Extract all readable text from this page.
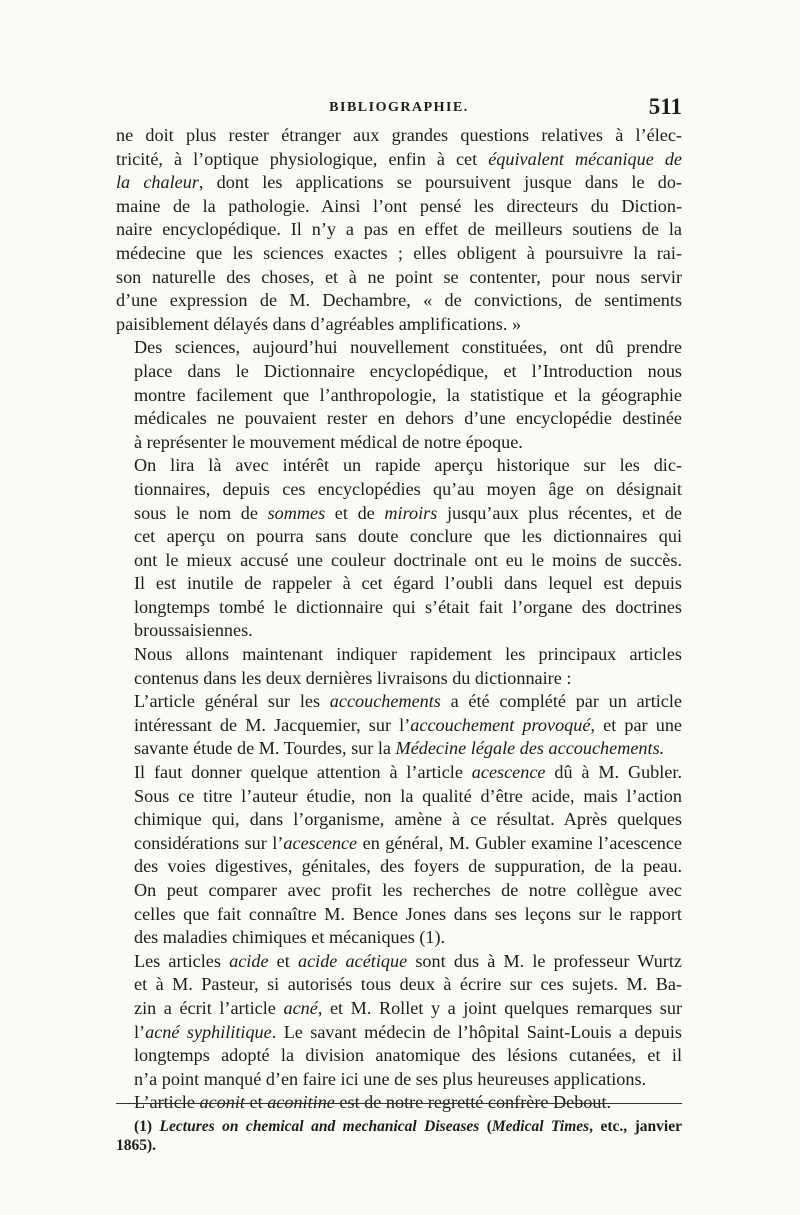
BIBLIOGRAPHIE.	511

ne doit plus rester étranger aux grandes questions relatives à l’élec-
tricité, à l’optique physiologique, enfin à cet équivalent mécanique de
la chaleur, dont les applications se poursuivent jusque dans le do-
maine de la pathologie. Ainsi l’ont pensé les directeurs du Diction-
naire encyclopédique. Il n’y a pas en effet de meilleurs soutiens de la
médecine que les sciences exactes ; elles obligent à poursuivre la rai-
son naturelle des choses, et à ne point se contenter, pour nous servir
d’une expression de M. Dechambre, « de convictions, de sentiments
paisiblement délayés dans d’agréables amplifications. »

Des sciences, aujourd’hui nouvellement constituées, ont dû prendre
place dans le Dictionnaire encyclopédique, et l’Introduction nous
montre facilement que l’anthropologie, la statistique et la géographie
médicales ne pouvaient rester en dehors d’une encyclopédie destinée
à représenter le mouvement médical de notre époque.

On lira là avec intérêt un rapide aperçu historique sur les dic-
tionnaires, depuis ces encyclopédies qu’au moyen âge on désignait
sous le nom de sommes et de miroirs jusqu’aux plus récentes, et de
cet aperçu on pourra sans doute conclure que les dictionnaires qui
ont le mieux accusé une couleur doctrinale ont eu le moins de succès.
Il est inutile de rappeler à cet égard l’oubli dans lequel est depuis
longtemps tombé le dictionnaire qui s’était fait l’organe des doctrines
broussaisiennes.

Nous allons maintenant indiquer rapidement les principaux articles
contenus dans les deux dernières livraisons du dictionnaire :

L’article général sur les accouchements a été complété par un article
intéressant de M. Jacquemier, sur l’accouchement provoqué, et par une
savante étude de M. Tourdes, sur la Médecine légale des accouchements.

Il faut donner quelque attention à l’article acescence dû à M. Gubler.
Sous ce titre l’auteur étudie, non la qualité d’être acide, mais l’action
chimique qui, dans l’organisme, amène à ce résultat. Après quelques
considérations sur l’acescence en général, M. Gubler examine l’acescence
des voies digestives, génitales, des foyers de suppuration, de la peau.
On peut comparer avec profit les recherches de notre collègue avec
celles que fait connaître M. Bence Jones dans ses leçons sur le rapport
des maladies chimiques et mécaniques (1).

Les articles acide et acide acétique sont dus à M. le professeur Wurtz
et à M. Pasteur, si autorisés tous deux à écrire sur ces sujets. M. Ba-
zin a écrit l’article acné, et M. Rollet y a joint quelques remarques sur
l’acné syphilitique. Le savant médecin de l’hôpital Saint-Louis a depuis
longtemps adopté la division anatomique des lésions cutanées, et il
n’a point manqué d’en faire ici une de ses plus heureuses applications.

L’article aconit et aconitine est de notre regretté confrère Debout.

(1) Lectures on chemical and mechanical Diseases (Medical Times, etc., janvier 1865).
